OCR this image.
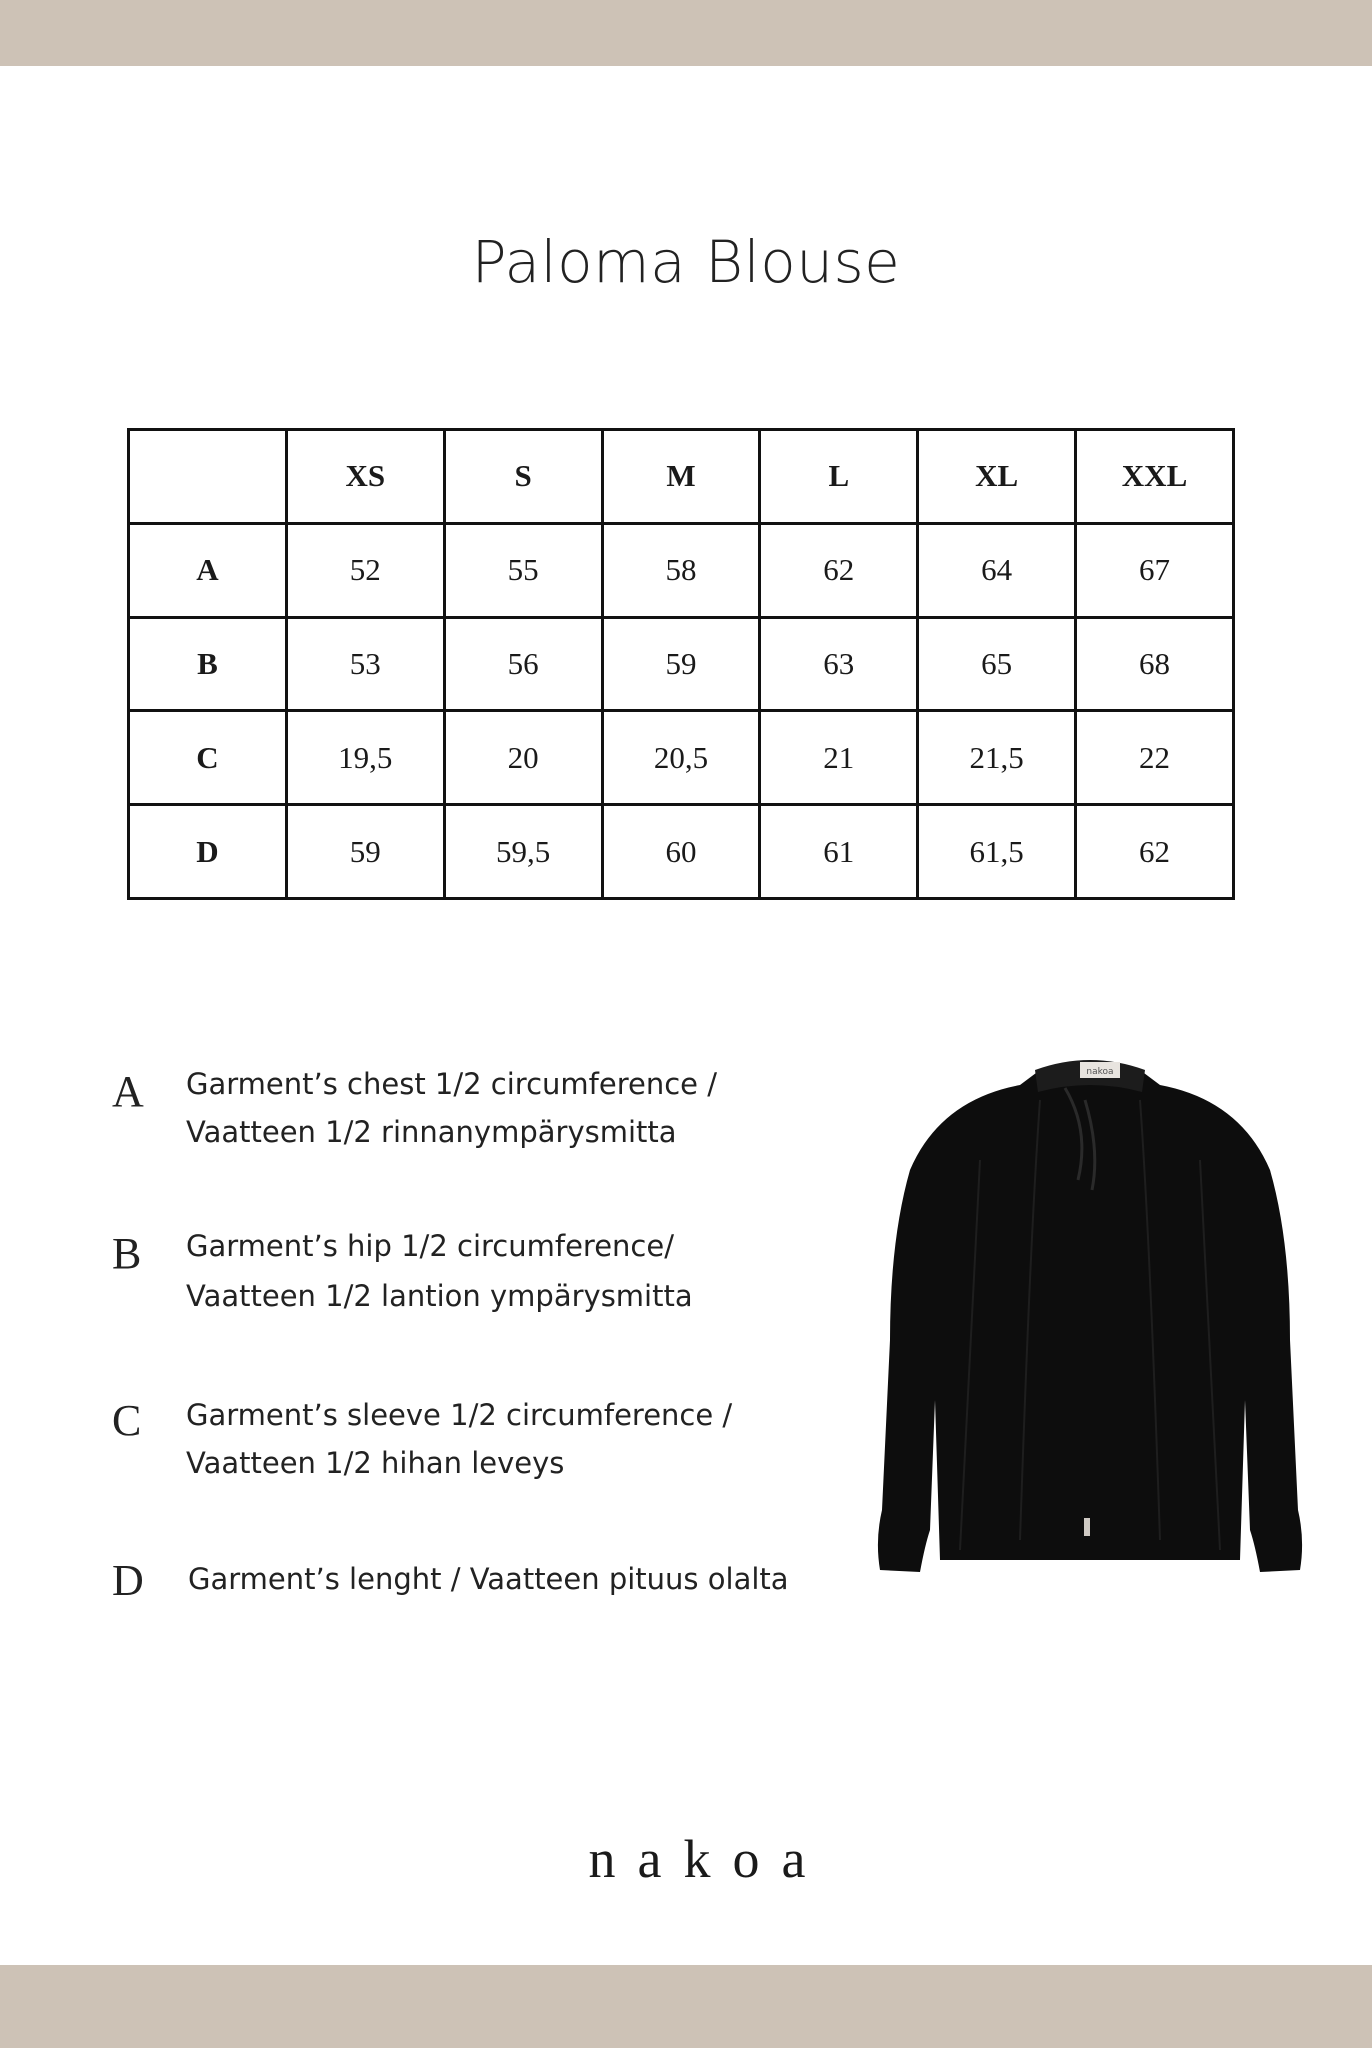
Paloma Blouse
	XS	S	M	L	XL	XXL
A	52	55	58	62	64	67
B	53	56	59	63	65	68
C	19,5	20	20,5	21	21,5	22
D	59	59,5	60	61	61,5	62
A Garment’s chest 1/2 circumference /
Vaatteen 1/2 rinnanympärysmitta
B Garment’s hip 1/2 circumference/
Vaatteen 1/2 lantion ympärysmitta
C Garment’s sleeve 1/2 circumference /
Vaatteen 1/2 hihan leveys
D Garment’s lenght / Vaatteen pituus olalta
nakoa
nakoa
